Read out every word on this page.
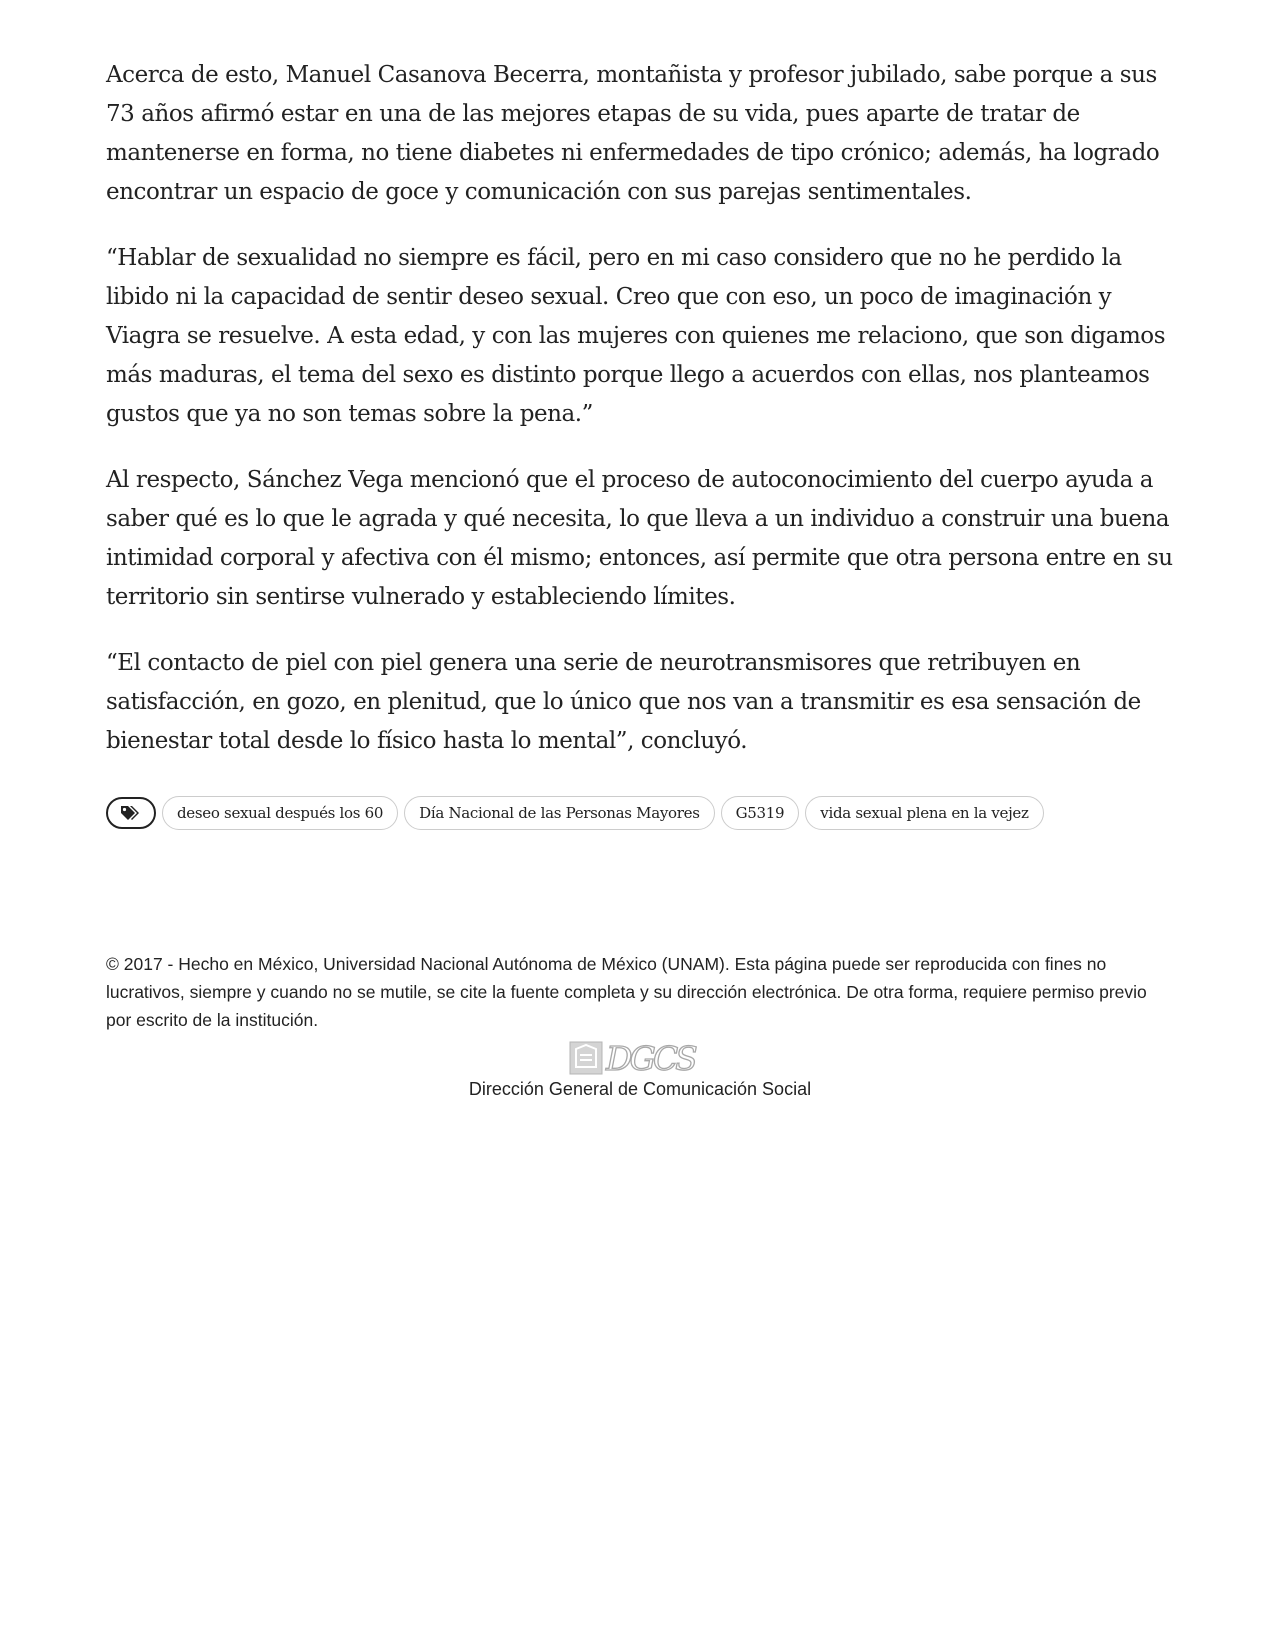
Acerca de esto, Manuel Casanova Becerra, montañista y profesor jubilado, sabe porque a sus 73 años afirmó estar en una de las mejores etapas de su vida, pues aparte de tratar de mantenerse en forma, no tiene diabetes ni enfermedades de tipo crónico; además, ha logrado encontrar un espacio de goce y comunicación con sus parejas sentimentales.

“Hablar de sexualidad no siempre es fácil, pero en mi caso considero que no he perdido la libido ni la capacidad de sentir deseo sexual. Creo que con eso, un poco de imaginación y Viagra se resuelve. A esta edad, y con las mujeres con quienes me relaciono, que son digamos más maduras, el tema del sexo es distinto porque llego a acuerdos con ellas, nos planteamos gustos que ya no son temas sobre la pena.”

Al respecto, Sánchez Vega mencionó que el proceso de autoconocimiento del cuerpo ayuda a saber qué es lo que le agrada y qué necesita, lo que lleva a un individuo a construir una buena intimidad corporal y afectiva con él mismo; entonces, así permite que otra persona entre en su territorio sin sentirse vulnerado y estableciendo límites.

“El contacto de piel con piel genera una serie de neurotransmisores que retribuyen en satisfacción, en gozo, en plenitud, que lo único que nos van a transmitir es esa sensación de bienestar total desde lo físico hasta lo mental”, concluyó.

deseo sexual después los 60	Día Nacional de las Personas Mayores	G5319	vida sexual plena en la vejez
© 2017 - Hecho en México, Universidad Nacional Autónoma de México (UNAM). Esta página puede ser reproducida con fines no lucrativos, siempre y cuando no se mutile, se cite la fuente completa y su dirección electrónica. De otra forma, requiere permiso previo por escrito de la institución.
DGCS
Dirección General de Comunicación Social
